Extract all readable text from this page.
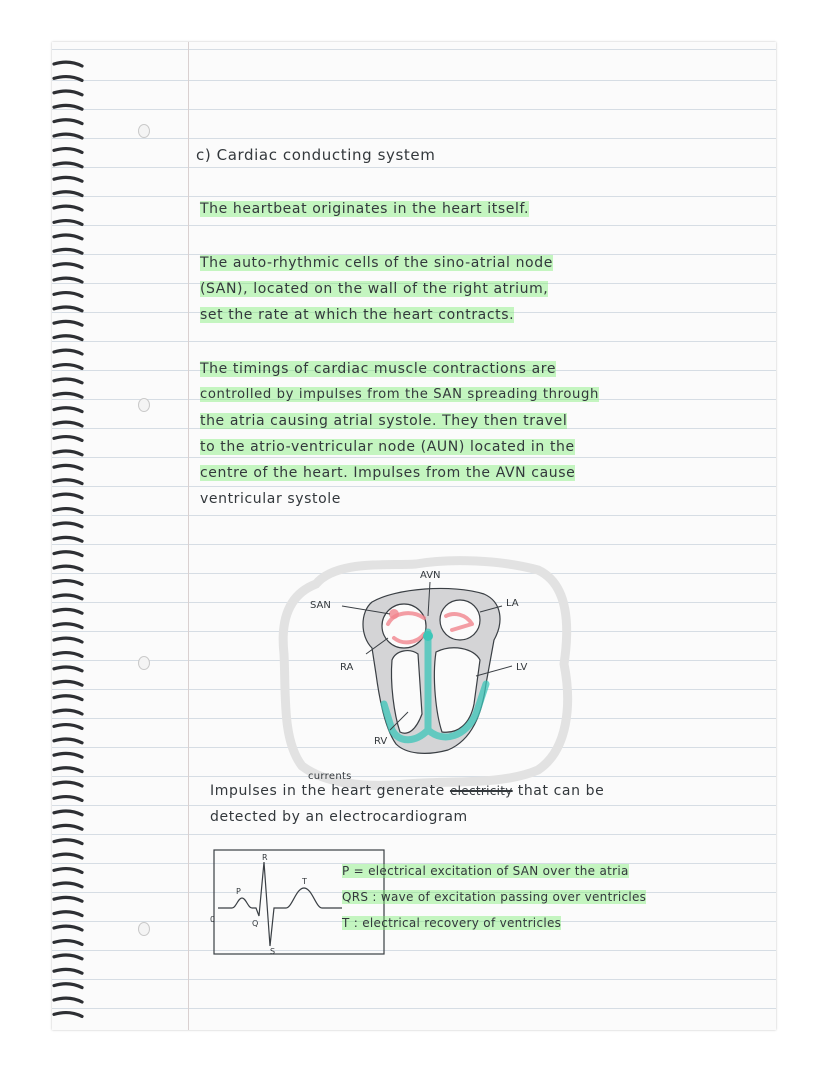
c) Cardiac conducting system
The heartbeat originates in the heart itself.
The auto-rhythmic cells of the sino-atrial node
(SAN), located on the wall of the right atrium,
set the rate at which the heart contracts.
The timings of cardiac muscle contractions are
controlled by impulses from the SAN spreading through
the atria causing atrial systole. They then travel
to the atrio-ventricular node (AUN) located in the
centre of the heart. Impulses from the AVN cause
ventricular systole
AVN
SAN	LA
RA	LV
RV
currents
Impulses in the heart generate electricity that can be
detected by an electrocardiogram
P
R
Q
S
T
0
P = electrical excitation of SAN over the atria
QRS : wave of excitation passing over ventricles
T : electrical recovery of ventricles
